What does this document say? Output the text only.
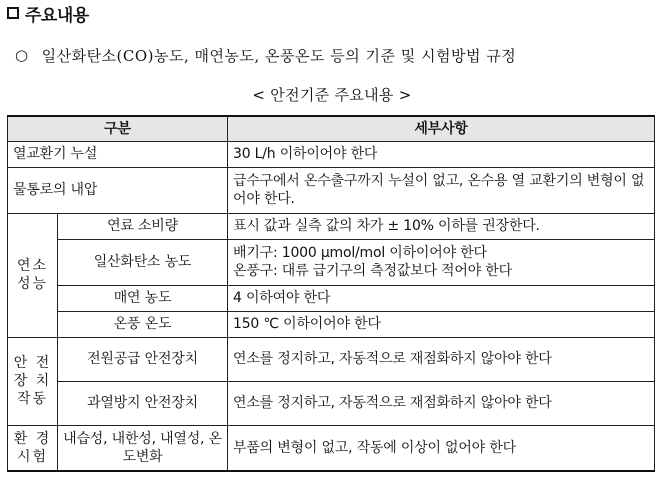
주요내용
○ 일산화탄소(CO)농도, 매연농도, 온풍온도 등의 기준 및 시험방법 규정
< 안전기준 주요내용 >
구분		세부사항
열교환기 누설		30 L/h 이하이어야 한다
물통로의 내압		급수구에서 온수출구까지 누설이 없고, 온수용 열 교환기의 변형이 없어야 한다.
연소 성능	연료 소비량	표시 값과 실측 값의 차가 ± 10% 이하를 권장한다.
	일산화탄소 농도	배기구: 1000 μmol/mol 이하이어야 한다
온풍구: 대류 급기구의 측정값보다 적어야 한다

	매연 농도	4 이하여야 한다
	온풍 온도	150 ℃ 이하이어야 한다
안 전 장 치 작동	전원공급 안전장치	연소를 정지하고, 자동적으로 재점화하지 않아야 한다
	과열방지 안전장치	연소를 정지하고, 자동적으로 재점화하지 않아야 한다
환 경 시험	내습성, 내한성, 내열성, 온도변화	부품의 변형이 없고, 작동에 이상이 없어야 한다
